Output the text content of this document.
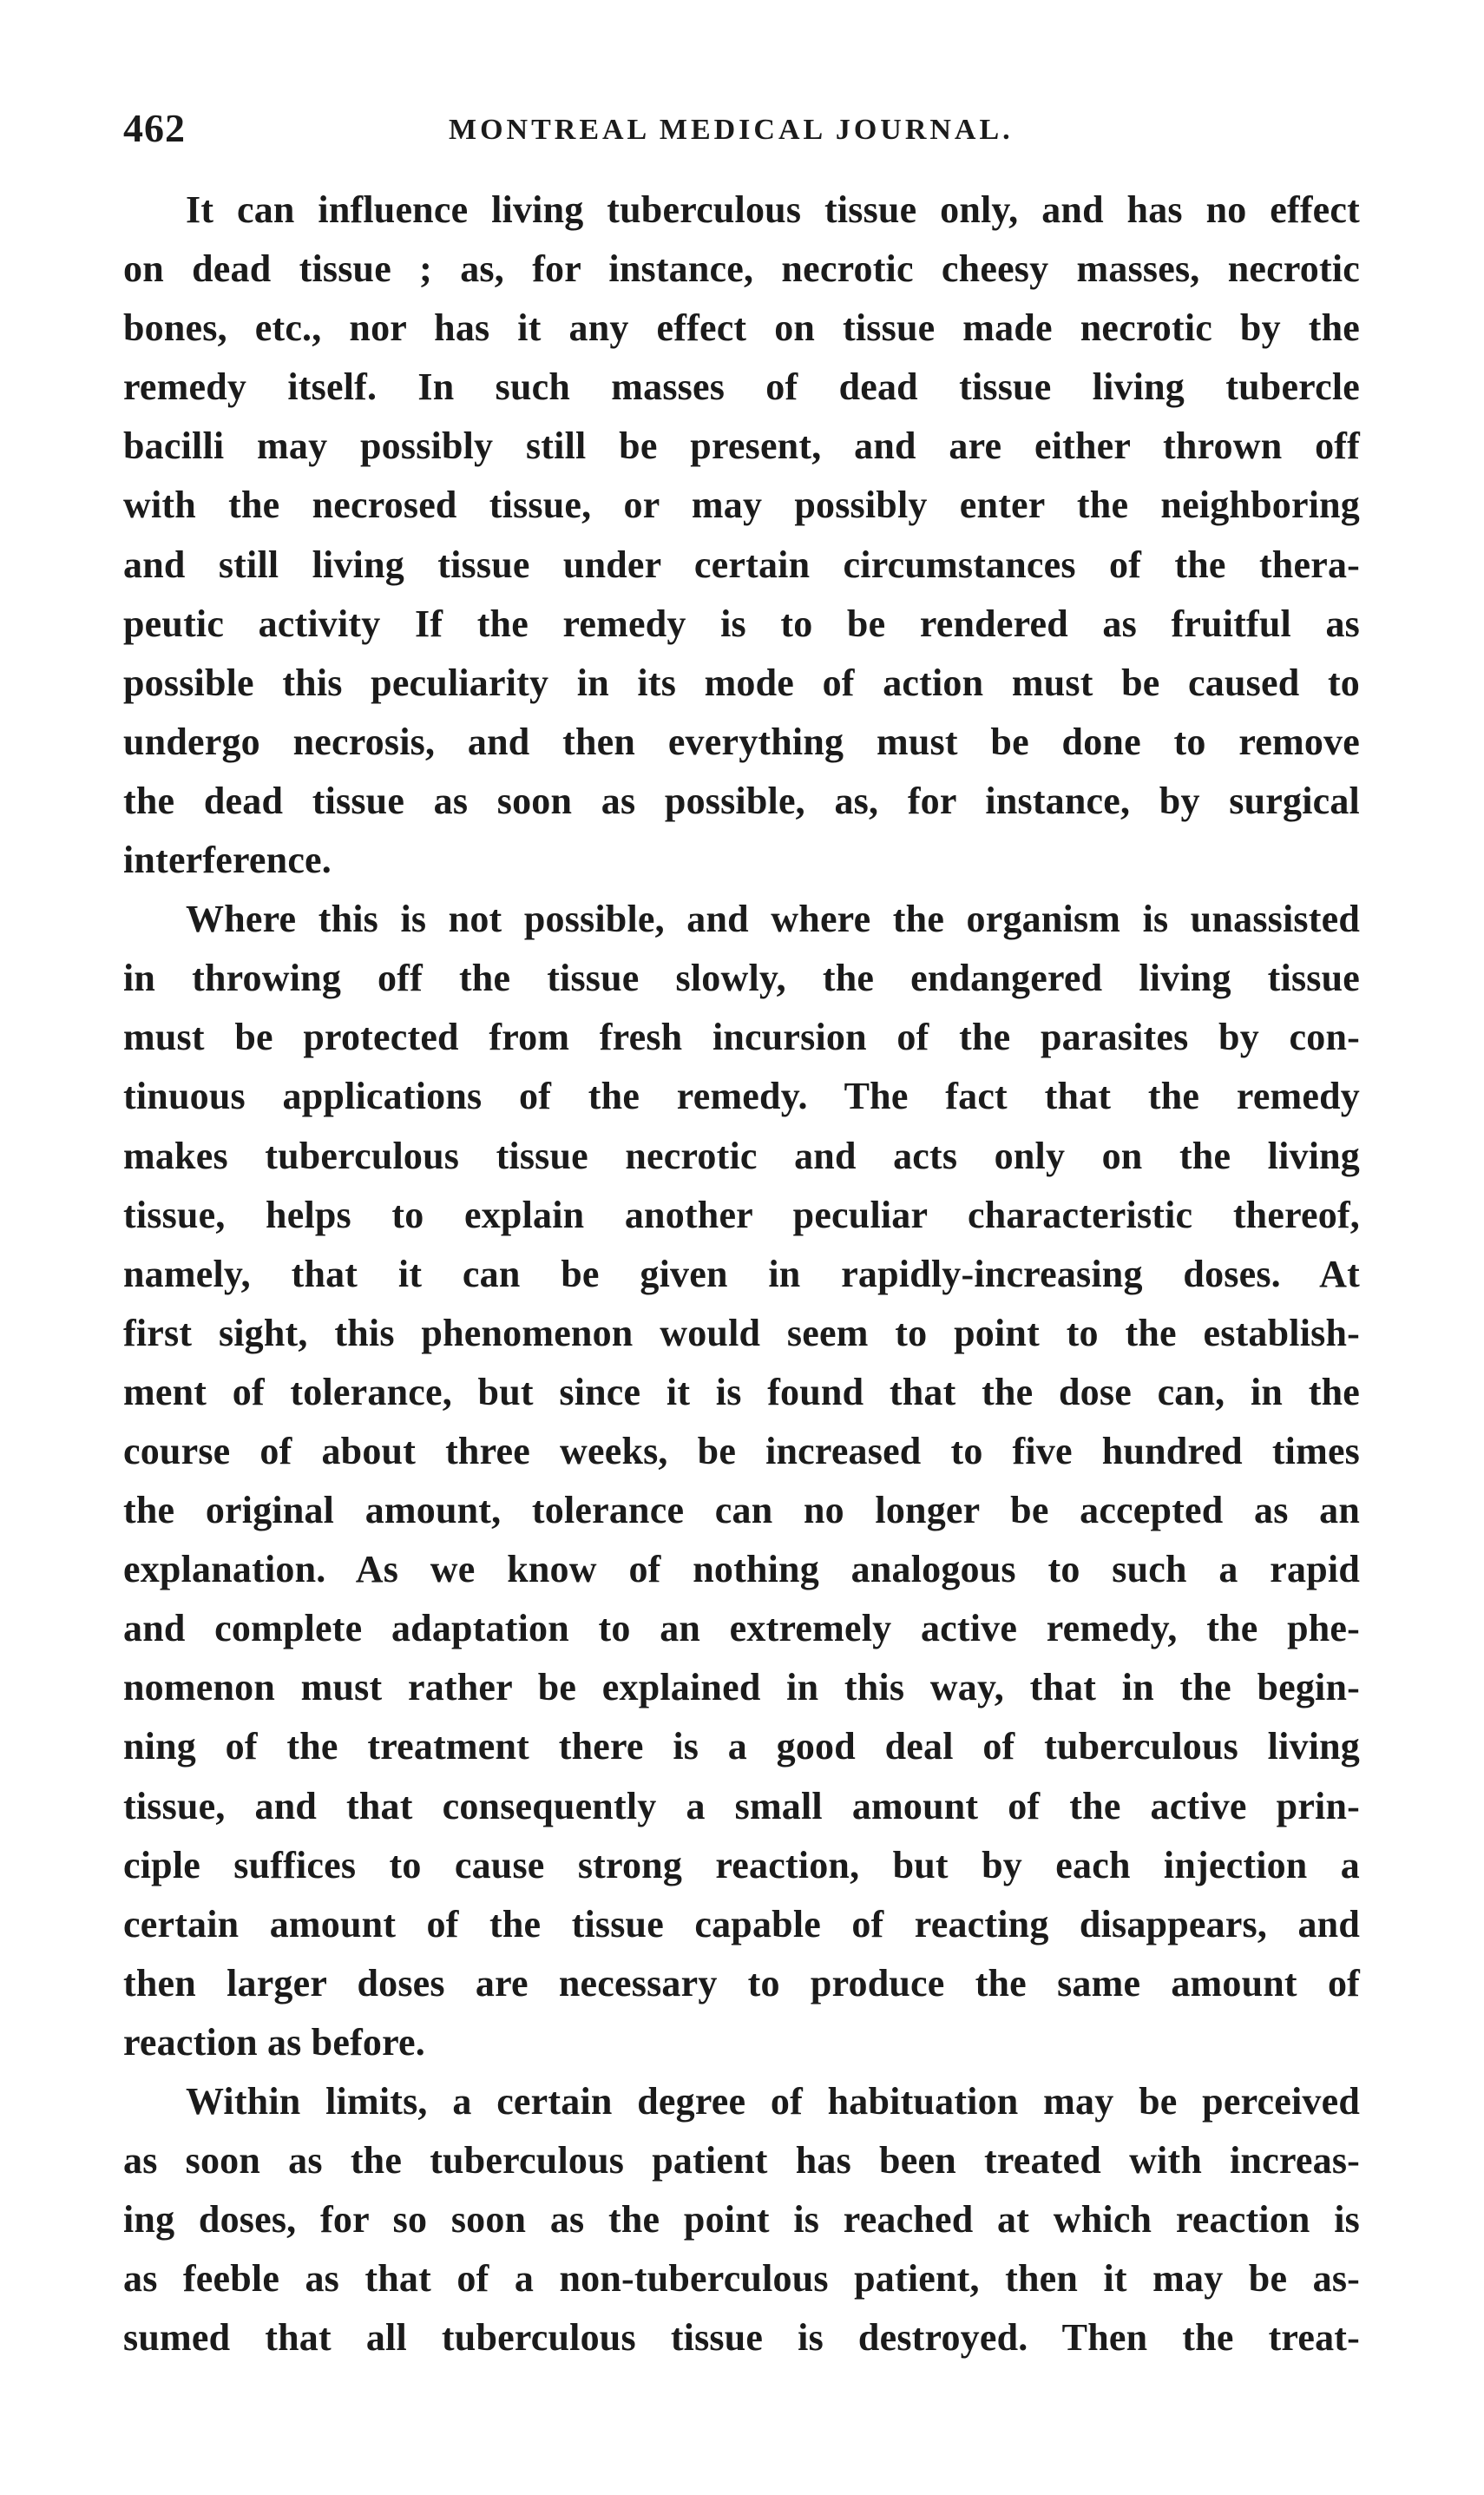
462	MONTREAL MEDICAL JOURNAL.
It can influence living tuberculous tissue only, and has no effect
on dead tissue ; as, for instance, necrotic cheesy masses, necrotic
bones, etc., nor has it any effect on tissue made necrotic by the
remedy itself. In such masses of dead tissue living tubercle
bacilli may possibly still be present, and are either thrown off
with the necrosed tissue, or may possibly enter the neighboring
and still living tissue under certain circumstances of the thera-
peutic activity If the remedy is to be rendered as fruitful as
possible this peculiarity in its mode of action must be caused to
undergo necrosis, and then everything must be done to remove
the dead tissue as soon as possible, as, for instance, by surgical
interference.
Where this is not possible, and where the organism is unassisted
in throwing off the tissue slowly, the endangered living tissue
must be protected from fresh incursion of the parasites by con-
tinuous applications of the remedy. The fact that the remedy
makes tuberculous tissue necrotic and acts only on the living
tissue, helps to explain another peculiar characteristic thereof,
namely, that it can be given in rapidly-increasing doses. At
first sight, this phenomenon would seem to point to the establish-
ment of tolerance, but since it is found that the dose can, in the
course of about three weeks, be increased to five hundred times
the original amount, tolerance can no longer be accepted as an
explanation. As we know of nothing analogous to such a rapid
and complete adaptation to an extremely active remedy, the phe-
nomenon must rather be explained in this way, that in the begin-
ning of the treatment there is a good deal of tuberculous living
tissue, and that consequently a small amount of the active prin-
ciple suffices to cause strong reaction, but by each injection a
certain amount of the tissue capable of reacting disappears, and
then larger doses are necessary to produce the same amount of
reaction as before.
Within limits, a certain degree of habituation may be perceived
as soon as the tuberculous patient has been treated with increas-
ing doses, for so soon as the point is reached at which reaction is
as feeble as that of a non-tuberculous patient, then it may be as-
sumed that all tuberculous tissue is destroyed. Then the treat-
